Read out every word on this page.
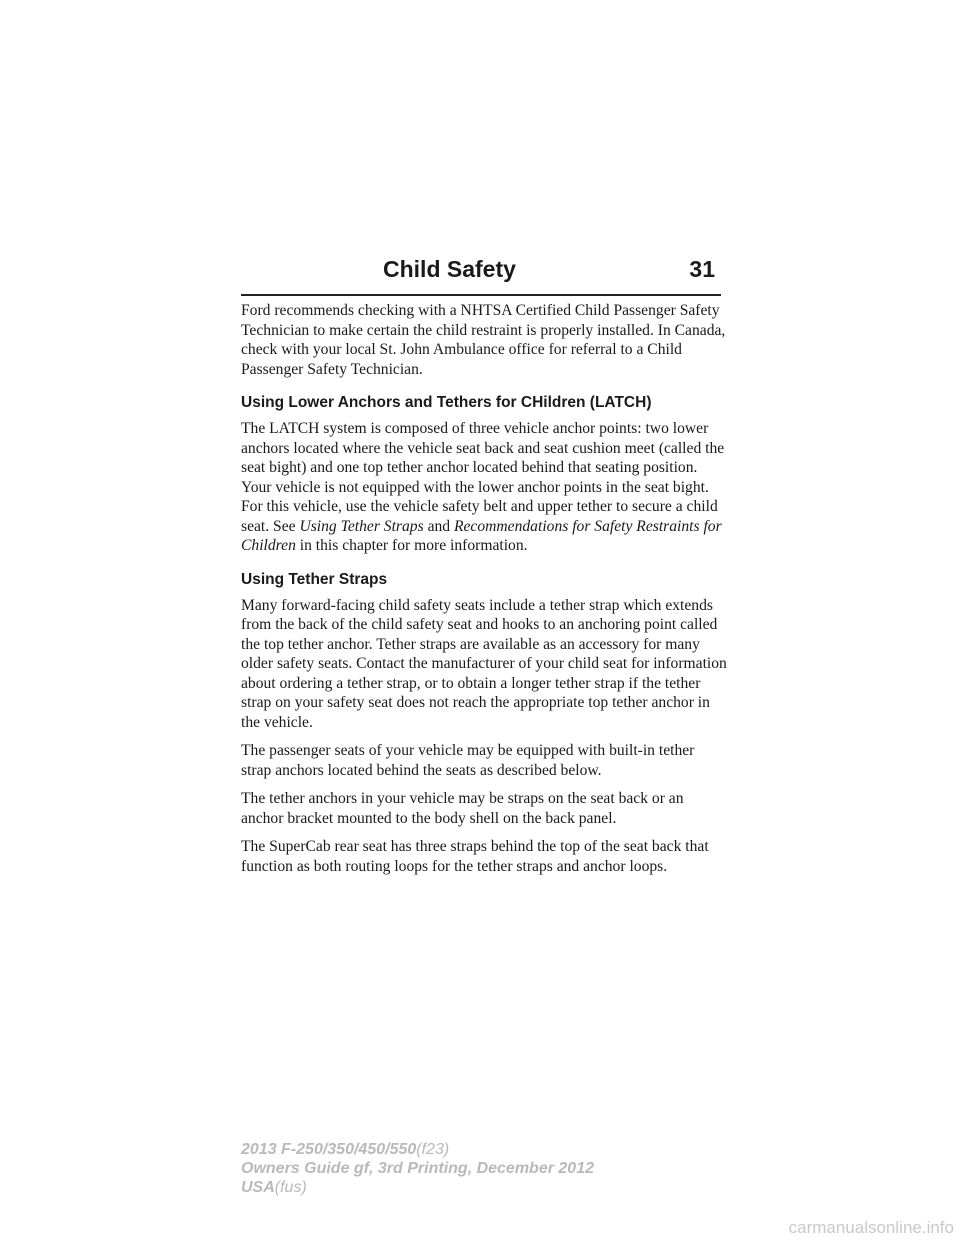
Child Safety	31

Ford recommends checking with a NHTSA Certified Child Passenger Safety Technician to make certain the child restraint is properly installed. In Canada, check with your local St. John Ambulance office for referral to a Child Passenger Safety Technician.

Using Lower Anchors and Tethers for CHildren (LATCH)

The LATCH system is composed of three vehicle anchor points: two lower anchors located where the vehicle seat back and seat cushion meet (called the seat bight) and one top tether anchor located behind that seating position. Your vehicle is not equipped with the lower anchor points in the seat bight. For this vehicle, use the vehicle safety belt and upper tether to secure a child seat. See Using Tether Straps and Recommendations for Safety Restraints for Children in this chapter for more information.

Using Tether Straps

Many forward-facing child safety seats include a tether strap which extends from the back of the child safety seat and hooks to an anchoring point called the top tether anchor. Tether straps are available as an accessory for many older safety seats. Contact the manufacturer of your child seat for information about ordering a tether strap, or to obtain a longer tether strap if the tether strap on your safety seat does not reach the appropriate top tether anchor in the vehicle.

The passenger seats of your vehicle may be equipped with built-in tether strap anchors located behind the seats as described below.

The tether anchors in your vehicle may be straps on the seat back or an anchor bracket mounted to the body shell on the back panel.

The SuperCab rear seat has three straps behind the top of the seat back that function as both routing loops for the tether straps and anchor loops.

2013 F-250/350/450/550(f23)
Owners Guide gf, 3rd Printing, December 2012
USA(fus)
carmanualsonline.info
